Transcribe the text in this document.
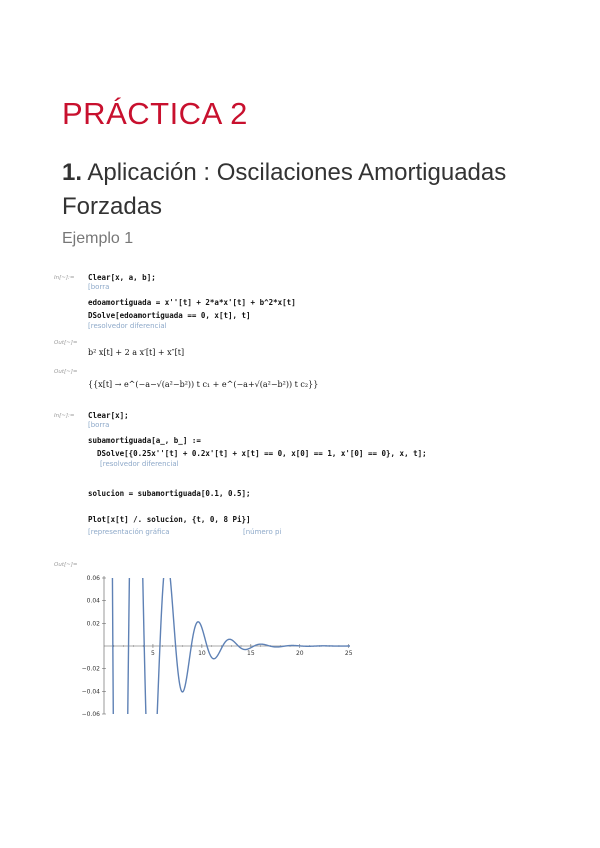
PRÁCTICA 2
1. Aplicación : Oscilaciones Amortiguadas Forzadas
Ejemplo 1
In[~]:= Clear[x, a, b];
[borra
edoamortiguada = x''[t] + 2*a*x'[t] + b^2*x[t]
DSolve[edoamortiguada == 0, x[t], t]
[resolvedor diferencial
Out[~]=
b² x[t] + 2 a x′[t] + x″[t]
Out[~]=
{{x[t] → e^(−a−√(a²−b²)) t c₁ + e^(−a+√(a²−b²)) t c₂}}
In[~]:= Clear[x];
[borra
subamortiguada[a_, b_] :=
DSolve[{0.25x''[t] + 0.2x'[t] + x[t] == 0, x[0] == 1, x'[0] == 0}, x, t];
[resolvedor diferencial
solucion = subamortiguada[0.1, 0.5];
Plot[x[t] /. solucion, {t, 0, 8 Pi}]
[representación gráfica	[número pi
Out[~]=
5	10	15	20	25
−0.06
−0.04
−0.02
0.02
0.04
0.06
